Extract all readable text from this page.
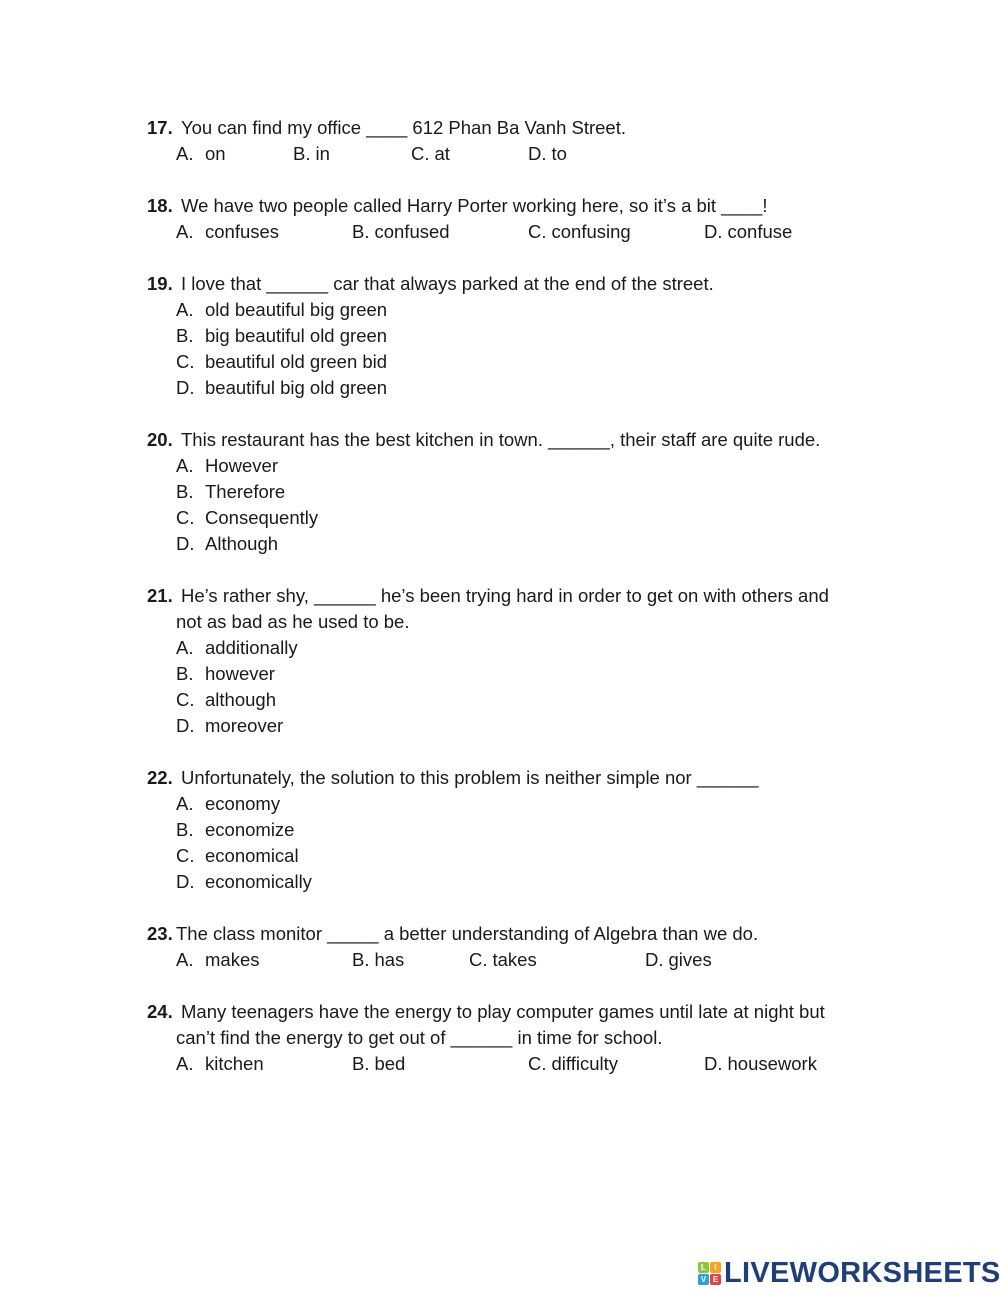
17. You can find my office ____ 612 Phan Ba Vanh Street.
A. on	B. in	C. at	D. to
18. We have two people called Harry Porter working here, so it’s a bit ____!
A. confuses	B. confused	C. confusing	D. confuse
19. I love that ______ car that always parked at the end of the street.
A. old beautiful big green
B. big beautiful old green
C. beautiful old green bid
D. beautiful big old green
20. This restaurant has the best kitchen in town. ______, their staff are quite rude.
A. However
B. Therefore
C. Consequently
D. Although
21. He’s rather shy, ______ he’s been trying hard in order to get on with others and
not as bad as he used to be.
A. additionally
B. however
C. although
D. moreover
22. Unfortunately, the solution to this problem is neither simple nor ______
A. economy
B. economize
C. economical
D. economically
23. The class monitor _____ a better understanding of Algebra than we do.
A. makes	B. has	C. takes	D. gives
24. Many teenagers have the energy to play computer games until late at night but
can’t find the energy to get out of ______ in time for school.
A. kitchen	B. bed	C. difficulty	D. housework
L	I
V E LIVEWORKSHEETS
